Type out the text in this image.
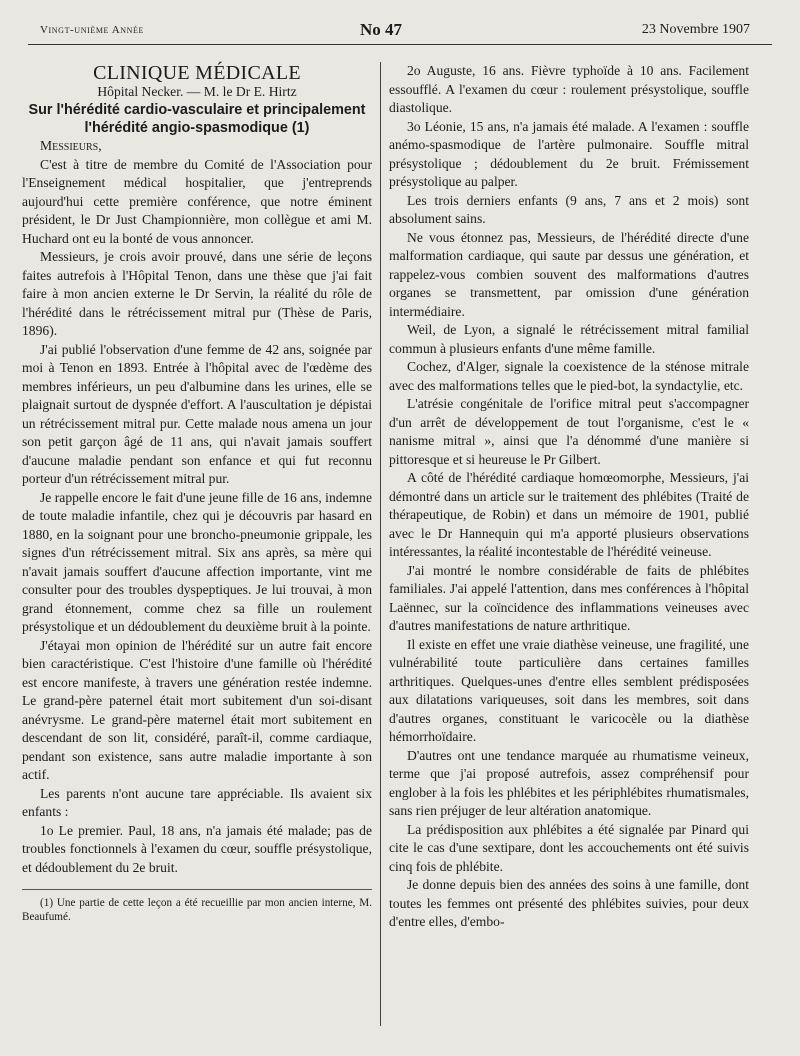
Vingt-unième Année	No 47	23 Novembre 1907

CLINIQUE MÉDICALE

Hôpital Necker. — M. le Dr E. Hirtz

Sur l'hérédité cardio-vasculaire et principalement l'hérédité angio-spasmodique (1)

Messieurs,

C'est à titre de membre du Comité de l'Association pour l'Enseignement médical hospitalier, que j'entreprends aujourd'hui cette première conférence, que notre éminent président, le Dr Just Championnière, mon collègue et ami M. Huchard ont eu la bonté de vous annoncer.

Messieurs, je crois avoir prouvé, dans une série de leçons faites autrefois à l'Hôpital Tenon, dans une thèse que j'ai fait faire à mon ancien externe le Dr Servin, la réalité du rôle de l'hérédité dans le rétrécissement mitral pur (Thèse de Paris, 1896).

J'ai publié l'observation d'une femme de 42 ans, soignée par moi à Tenon en 1893. Entrée à l'hôpital avec de l'œdème des membres inférieurs, un peu d'albumine dans les urines, elle se plaignait surtout de dyspnée d'effort. A l'auscultation je dépistai un rétrécissement mitral pur. Cette malade nous amena un jour son petit garçon âgé de 11 ans, qui n'avait jamais souffert d'aucune maladie pendant son enfance et qui fut reconnu porteur d'un rétrécissement mitral pur.

Je rappelle encore le fait d'une jeune fille de 16 ans, indemne de toute maladie infantile, chez qui je découvris par hasard en 1880, en la soignant pour une broncho-pneumonie grippale, les signes d'un rétrécissement mitral. Six ans après, sa mère qui n'avait jamais souffert d'aucune affection importante, vint me consulter pour des troubles dyspeptiques. Je lui trouvai, à mon grand étonnement, comme chez sa fille un roulement présystolique et un dédoublement du deuxième bruit à la pointe.

J'étayai mon opinion de l'hérédité sur un autre fait encore bien caractéristique. C'est l'histoire d'une famille où l'hérédité est encore manifeste, à travers une génération restée indemne. Le grand-père paternel était mort subitement d'un soi-disant anévrysme. Le grand-père maternel était mort subitement en descendant de son lit, considéré, paraît-il, comme cardiaque, pendant son existence, sans autre maladie importante à son actif.

Les parents n'ont aucune tare appréciable. Ils avaient six enfants :

1o Le premier. Paul, 18 ans, n'a jamais été malade; pas de troubles fonctionnels à l'examen du cœur, souffle présystolique, et dédoublement du 2e bruit.

(1) Une partie de cette leçon a été recueillie par mon ancien interne, M. Beaufumé.

2o Auguste, 16 ans. Fièvre typhoïde à 10 ans. Facilement essoufflé. A l'examen du cœur : roulement présystolique, souffle diastolique.

3o Léonie, 15 ans, n'a jamais été malade. A l'examen : souffle anémo-spasmodique de l'artère pulmonaire. Souffle mitral présystolique ; dédoublement du 2e bruit. Frémissement présystolique au palper.

Les trois derniers enfants (9 ans, 7 ans et 2 mois) sont absolument sains.

Ne vous étonnez pas, Messieurs, de l'hérédité directe d'une malformation cardiaque, qui saute par dessus une génération, et rappelez-vous combien souvent des malformations d'autres organes se transmettent, par omission d'une génération intermédiaire.

Weil, de Lyon, a signalé le rétrécissement mitral familial commun à plusieurs enfants d'une même famille.

Cochez, d'Alger, signale la coexistence de la sténose mitrale avec des malformations telles que le pied-bot, la syndactylie, etc.

L'atrésie congénitale de l'orifice mitral peut s'accompagner d'un arrêt de développement de tout l'organisme, c'est le « nanisme mitral », ainsi que l'a dénommé d'une manière si pittoresque et si heureuse le Pr Gilbert.

A côté de l'hérédité cardiaque homœomorphe, Messieurs, j'ai démontré dans un article sur le traitement des phlébites (Traité de thérapeutique, de Robin) et dans un mémoire de 1901, publié avec le Dr Hannequin qui m'a apporté plusieurs observations intéressantes, la réalité incontestable de l'hérédité veineuse.

J'ai montré le nombre considérable de faits de phlébites familiales. J'ai appelé l'attention, dans mes conférences à l'hôpital Laënnec, sur la coïncidence des inflammations veineuses avec d'autres manifestations de nature arthritique.

Il existe en effet une vraie diathèse veineuse, une fragilité, une vulnérabilité toute particulière dans certaines familles arthritiques. Quelques-unes d'entre elles semblent prédisposées aux dilatations variqueuses, soit dans les membres, soit dans d'autres organes, constituant le varicocèle ou la diathèse hémorrhoïdaire.

D'autres ont une tendance marquée au rhumatisme veineux, terme que j'ai proposé autrefois, assez compréhensif pour englober à la fois les phlébites et les périphlébites rhumatismales, sans rien préjuger de leur altération anatomique.

La prédisposition aux phlébites a été signalée par Pinard qui cite le cas d'une sextipare, dont les accouchements ont été suivis cinq fois de phlébite.

Je donne depuis bien des années des soins à une famille, dont toutes les femmes ont présenté des phlébites suivies, pour deux d'entre elles, d'embo-
